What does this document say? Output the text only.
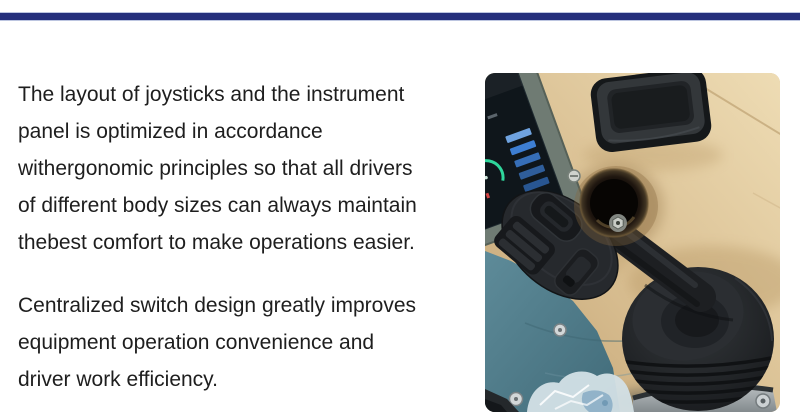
The layout of joysticks and the instrument
panel is optimized in accordance
withergonomic principles so that all drivers
of different body sizes can always maintain
thebest comfort to make operations easier.

Centralized switch design greatly improves
equipment operation convenience and
driver work efficiency.
